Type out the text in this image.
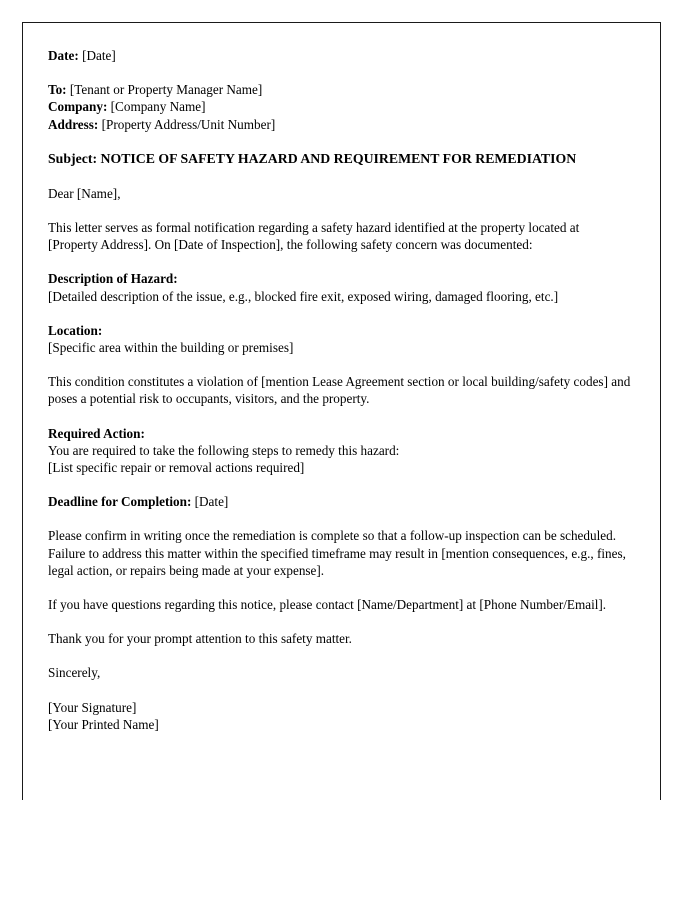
Date: [Date]
To: [Tenant or Property Manager Name]
Company: [Company Name]
Address: [Property Address/Unit Number]
Subject: NOTICE OF SAFETY HAZARD AND REQUIREMENT FOR REMEDIATION
Dear [Name],
This letter serves as formal notification regarding a safety hazard identified at the property located at [Property Address]. On [Date of Inspection], the following safety concern was documented:
Description of Hazard:
[Detailed description of the issue, e.g., blocked fire exit, exposed wiring, damaged flooring, etc.]
Location:
[Specific area within the building or premises]
This condition constitutes a violation of [mention Lease Agreement section or local building/safety codes] and poses a potential risk to occupants, visitors, and the property.
Required Action:
You are required to take the following steps to remedy this hazard:
[List specific repair or removal actions required]
Deadline for Completion: [Date]
Please confirm in writing once the remediation is complete so that a follow-up inspection can be scheduled. Failure to address this matter within the specified timeframe may result in [mention consequences, e.g., fines, legal action, or repairs being made at your expense].
If you have questions regarding this notice, please contact [Name/Department] at [Phone Number/Email].
Thank you for your prompt attention to this safety matter.
Sincerely,
[Your Signature]
[Your Printed Name]
